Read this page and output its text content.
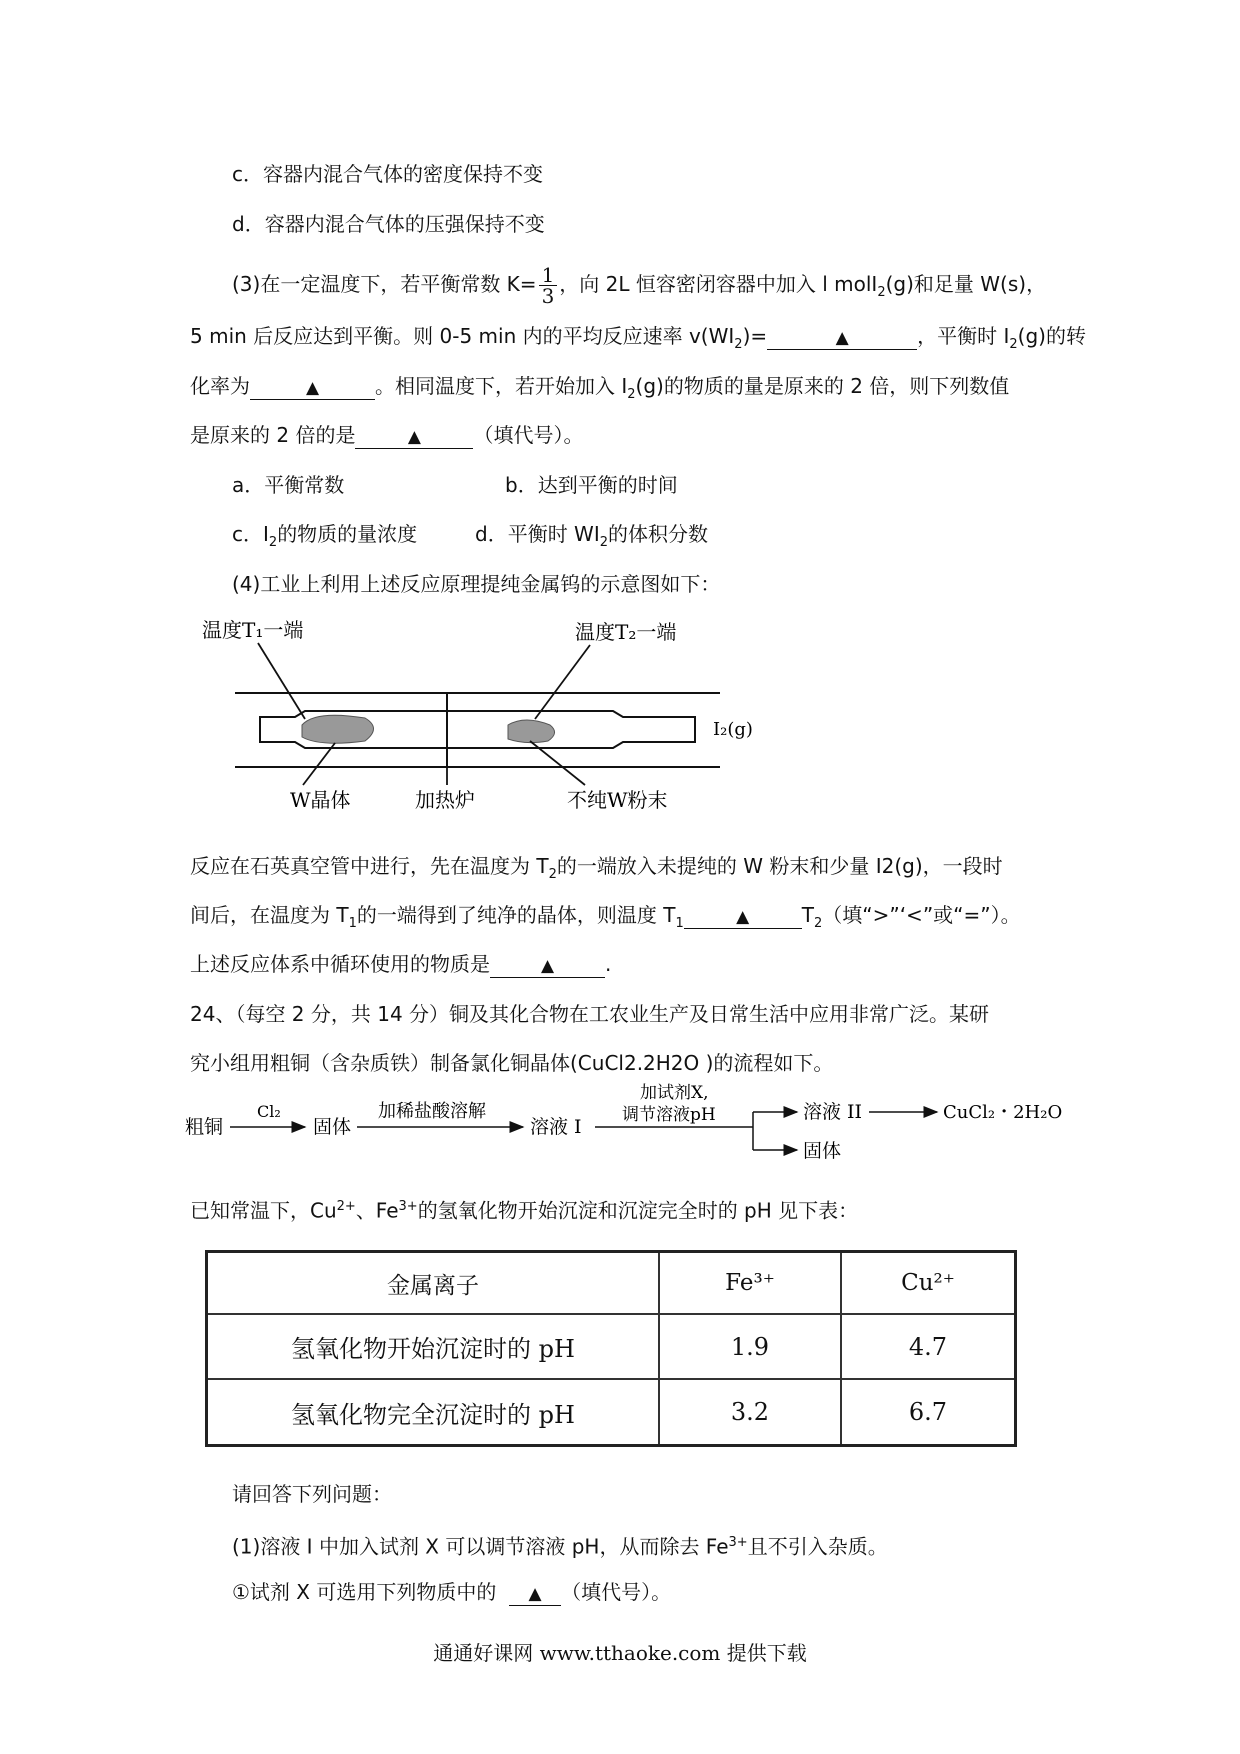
c．容器内混合气体的密度保持不变
d．容器内混合气体的压强保持不变
(3)在一定温度下，若平衡常数 $K= \frac{1}{3}$ ，向 2L 恒容密闭容器中加入 l molI$_2$(g)和足量 W(s)，
5 min 后反应达到平衡。则 0-5 min 内的平均反应速率 $v(WI_2)=$	▲	，平衡时 $I_2(g)$的转
化率为	▲	。相同温度下，若开始加入 $I_2(g)$的物质的量是原来的 2 倍，则下列数值
是原来的 2 倍的是	▲	（填代号）。
a．平衡常数	b．达到平衡的时间
c．$I_2$的物质的量浓度	d．平衡时 $WI_2$的体积分数
(4)工业上利用上述反应原理提纯金属钨的示意图如下：
温度T₁一端	温度T₂一端
I₂(g)
W晶体	加热炉	不纯W粉末
反应在石英真空管中进行，先在温度为 $T_2$的一端放入未提纯的 W 粉末和少量 I2(g)，一段时
间后，在温度为 $T_1$的一端得到了纯净的晶体，则温度 $T_1$	▲	$T_2$（填“>”‘<”或“=”）。
上述反应体系中循环使用的物质是	▲	.
24、（每空 2 分，共 14 分）铜及其化合物在工农业生产及日常生活中应用非常广泛。某研
究小组用粗铜（含杂质铁）制备氯化铜晶体(CuCl2.2H2O )的流程如下。
粗铜
Cl₂
固体
加稀盐酸溶解
溶液 I
加试剂X,
调节溶液pH	溶液 II	CuCl₂・2H₂O
固体
已知常温下，$Cu^{2+}$、$Fe^{3+}$的氢氧化物开始沉淀和沉淀完全时的 pH 见下表：
金属离子	Fe³⁺	Cu²⁺
氢氧化物开始沉淀时的 pH	1.9	4.7
氢氧化物完全沉淀时的 pH	3.2	6.7
请回答下列问题：
(1)溶液 I 中加入试剂 X 可以调节溶液 pH，从而除去 $Fe^{3+}$且不引入杂质。
①试剂 X 可选用下列物质中的 ▲ （填代号）。
通通好课网 www.tthaoke.com 提供下载
